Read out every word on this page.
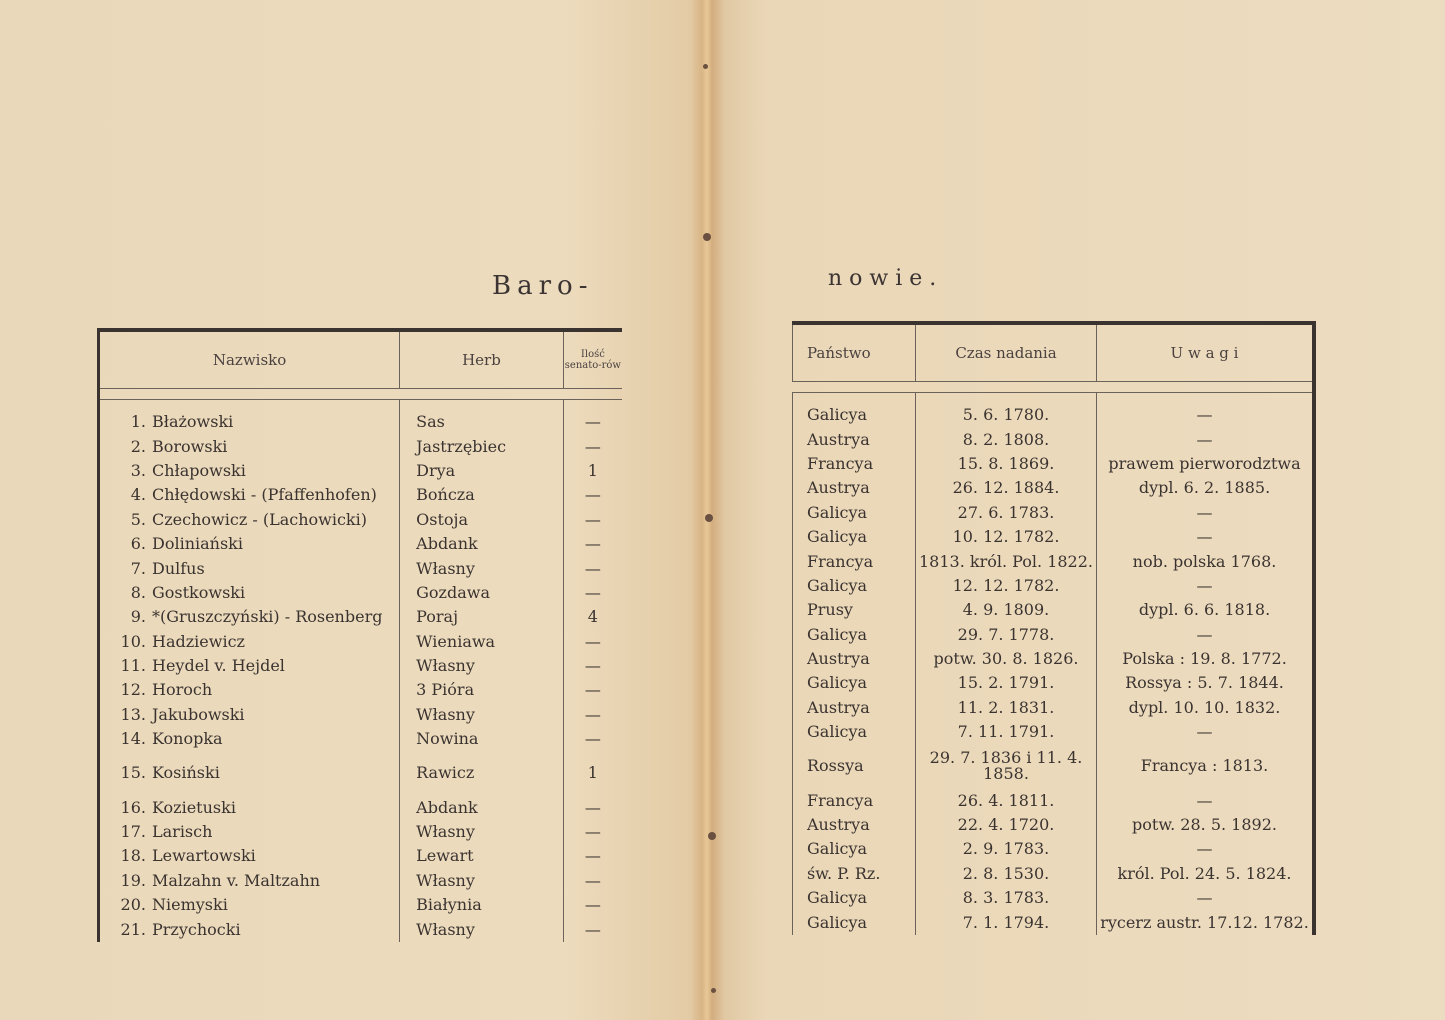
Baro-	nowie.
Nazwisko	Herb	Ilość senato-rów

1. Błażowski	Sas	—
2. Borowski	Jastrzębiec	—
3. Chłapowski	Drya	1
4. Chłędowski - (Pfaffenhofen)	Bończa	—
5. Czechowicz - (Lachowicki)	Ostoja	—
6. Doliniański	Abdank	—
7. Dulfus	Własny	—
8. Gostkowski	Gozdawa	—
9. *(Gruszczyński) - Rosenberg	Poraj	4
10. Hadziewicz	Wieniawa	—
11. Heydel v. Hejdel	Własny	—
12. Horoch	3 Pióra	—
13. Jakubowski	Własny	—
14. Konopka	Nowina	—
15. Kosiński	Rawicz	1
16. Kozietuski	Abdank	—
17. Larisch	Własny	—
18. Lewartowski	Lewart	—
19. Malzahn v. Maltzahn	Własny	—
20. Niemyski	Białynia	—
21. Przychocki	Własny	—
Państwo	Czas nadania	U w a g i

Galicya	5. 6. 1780.	—
Austrya	8. 2. 1808.	—
Francya	15. 8. 1869.	prawem pierworodztwa
Austrya	26. 12. 1884.	dypl. 6. 2. 1885.
Galicya	27. 6. 1783.	—
Galicya	10. 12. 1782.	—
Francya	1813. król. Pol. 1822.	nob. polska 1768.
Galicya	12. 12. 1782.	—
Prusy	4. 9. 1809.	dypl. 6. 6. 1818.
Galicya	29. 7. 1778.	—
Austrya	potw. 30. 8. 1826.	Polska : 19. 8. 1772.
Galicya	15. 2. 1791.	Rossya : 5. 7. 1844.
Austrya	11. 2. 1831.	dypl. 10. 10. 1832.
Galicya	7. 11. 1791.	—
Rossya	29. 7. 1836 i 11. 4. 1858.	Francya : 1813.
Francya	26. 4. 1811.	—
Austrya	22. 4. 1720.	potw. 28. 5. 1892.
Galicya	2. 9. 1783.	—
św. P. Rz.	2. 8. 1530.	król. Pol. 24. 5. 1824.
Galicya	8. 3. 1783.	—
Galicya	7. 1. 1794.	rycerz austr. 17.12. 1782.
